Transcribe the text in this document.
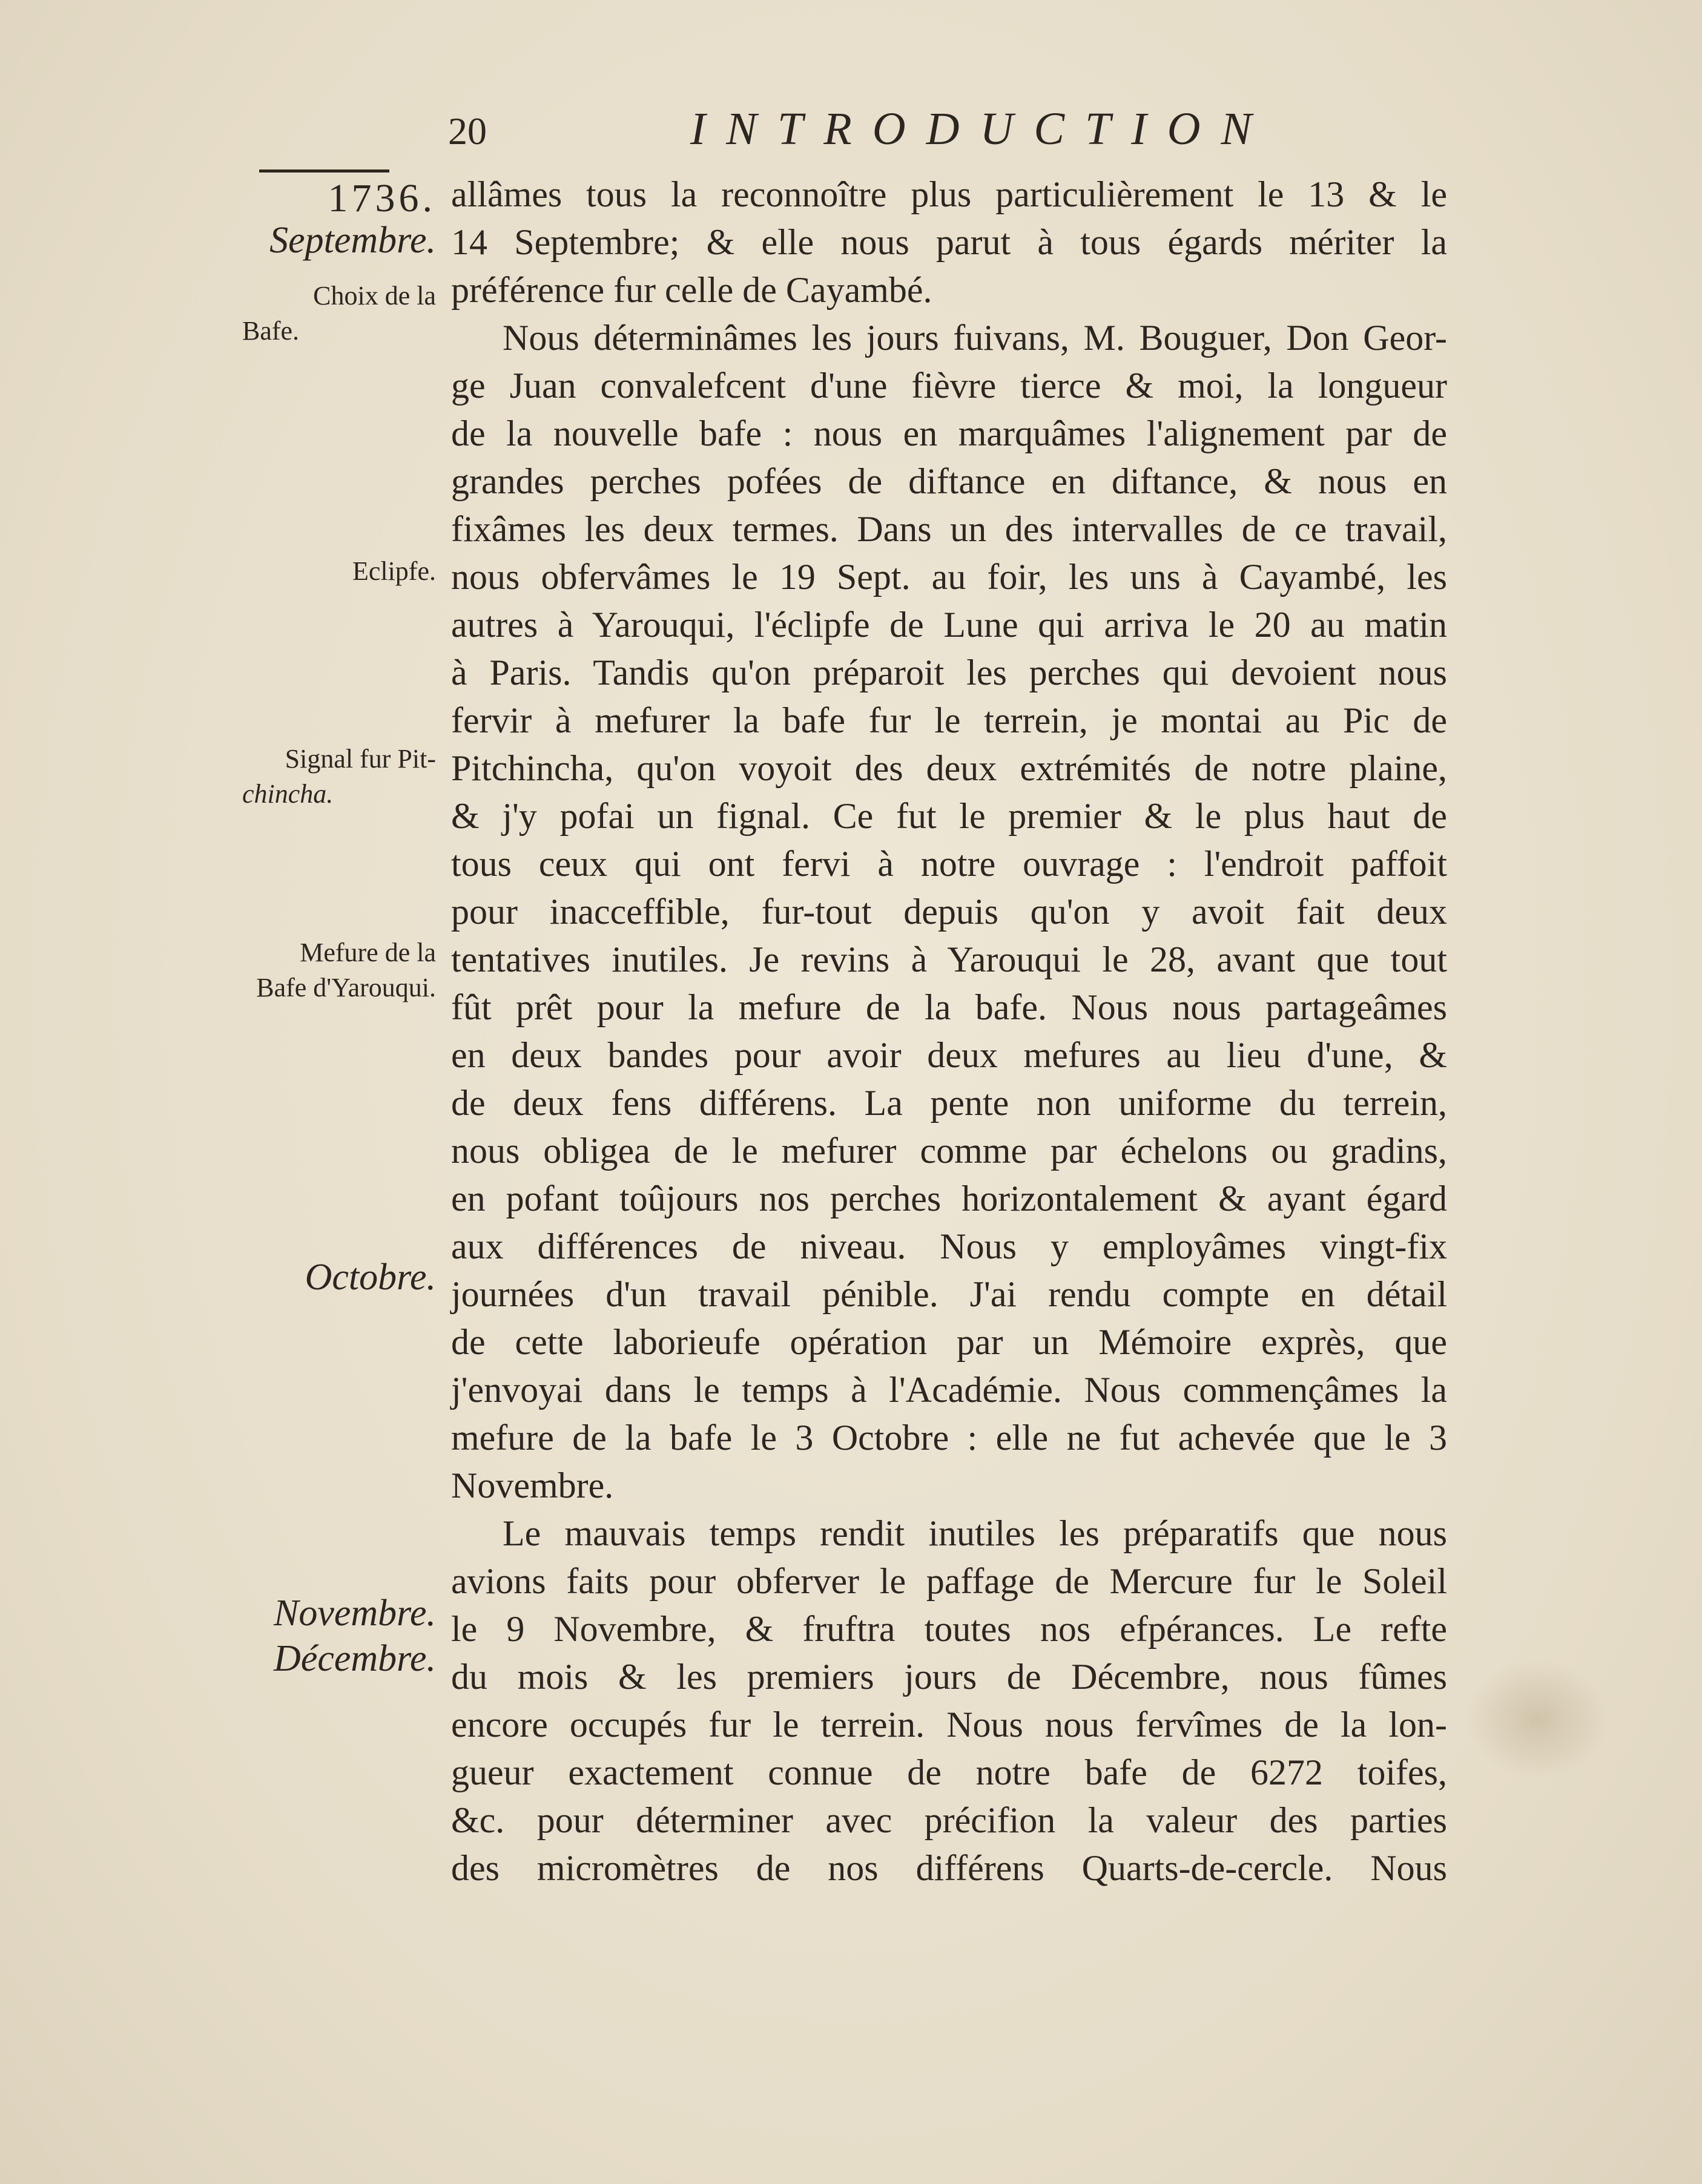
20	INTRODUCTION
1736.
Septembre.
Choix de la
Bafe.
Eclipfe.
Signal fur Pit-
chincha.
Mefure de la
Bafe d'Yarouqui.
Octobre.
Novembre.
Décembre.
allâmes tous la reconnoître plus particulièrement le 13 & le
14 Septembre; & elle nous parut à tous égards mériter la
préférence fur celle de Cayambé.
Nous déterminâmes les jours fuivans, M. Bouguer, Don Geor-
ge Juan convalefcent d'une fièvre tierce & moi, la longueur
de la nouvelle bafe : nous en marquâmes l'alignement par de
grandes perches pofées de diftance en diftance, & nous en
fixâmes les deux termes. Dans un des intervalles de ce travail,
nous obfervâmes le 19 Sept. au foir, les uns à Cayambé, les
autres à Yarouqui, l'éclipfe de Lune qui arriva le 20 au matin
à Paris. Tandis qu'on préparoit les perches qui devoient nous
fervir à mefurer la bafe fur le terrein, je montai au Pic de
Pitchincha, qu'on voyoit des deux extrémités de notre plaine,
& j'y pofai un fignal. Ce fut le premier & le plus haut de
tous ceux qui ont fervi à notre ouvrage : l'endroit paffoit
pour inacceffible, fur-tout depuis qu'on y avoit fait deux
tentatives inutiles. Je revins à Yarouqui le 28, avant que tout
fût prêt pour la mefure de la bafe. Nous nous partageâmes
en deux bandes pour avoir deux mefures au lieu d'une, &
de deux fens différens. La pente non uniforme du terrein,
nous obligea de le mefurer comme par échelons ou gradins,
en pofant toûjours nos perches horizontalement & ayant égard
aux différences de niveau. Nous y employâmes vingt-fix
journées d'un travail pénible. J'ai rendu compte en détail
de cette laborieufe opération par un Mémoire exprès, que
j'envoyai dans le temps à l'Académie. Nous commençâmes la
mefure de la bafe le 3 Octobre : elle ne fut achevée que le 3
Novembre.
Le mauvais temps rendit inutiles les préparatifs que nous
avions faits pour obferver le paffage de Mercure fur le Soleil
le 9 Novembre, & fruftra toutes nos efpérances. Le refte
du mois & les premiers jours de Décembre, nous fûmes
encore occupés fur le terrein. Nous nous fervîmes de la lon-
gueur exactement connue de notre bafe de 6272 toifes,
&c. pour déterminer avec précifion la valeur des parties
des micromètres de nos différens Quarts-de-cercle. Nous
